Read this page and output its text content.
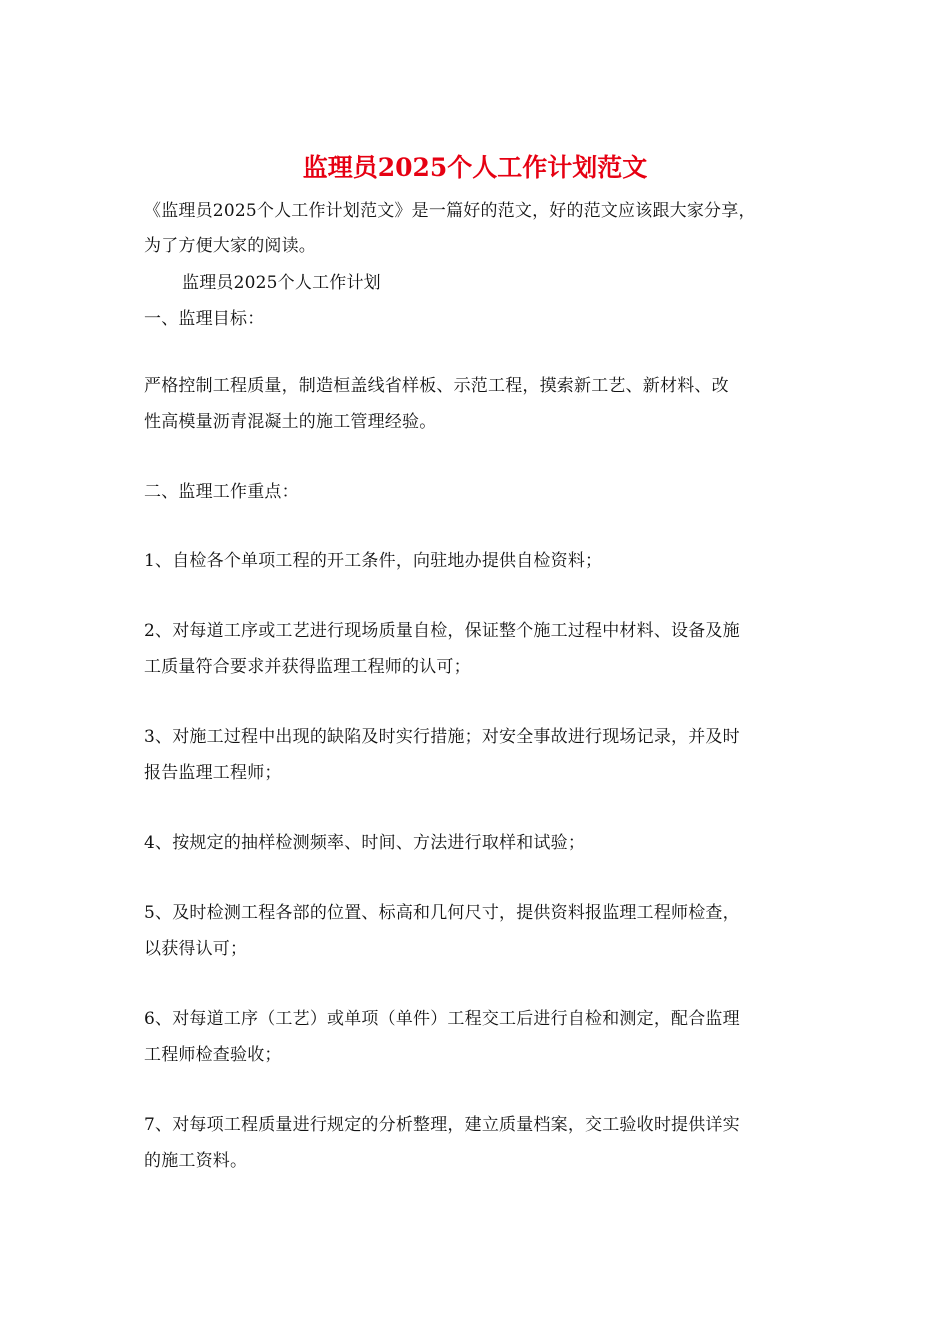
监理员2025个人工作计划范文
《监理员2025个人工作计划范文》是一篇好的范文，好的范文应该跟大家分享，
为了方便大家的阅读。
监理员2025个人工作计划
一、监理目标：
严格控制工程质量，制造桓盖线省样板、示范工程，摸索新工艺、新材料、改
性高模量沥青混凝土的施工管理经验。
二、监理工作重点：
1、自检各个单项工程的开工条件，向驻地办提供自检资料；
2、对每道工序或工艺进行现场质量自检，保证整个施工过程中材料、设备及施
工质量符合要求并获得监理工程师的认可；
3、对施工过程中出现的缺陷及时实行措施；对安全事故进行现场记录，并及时
报告监理工程师；
4、按规定的抽样检测频率、时间、方法进行取样和试验；
5、及时检测工程各部的位置、标高和几何尺寸，提供资料报监理工程师检查，
以获得认可；
6、对每道工序（工艺）或单项（单件）工程交工后进行自检和测定，配合监理
工程师检查验收；
7、对每项工程质量进行规定的分析整理，建立质量档案，交工验收时提供详实
的施工资料。
